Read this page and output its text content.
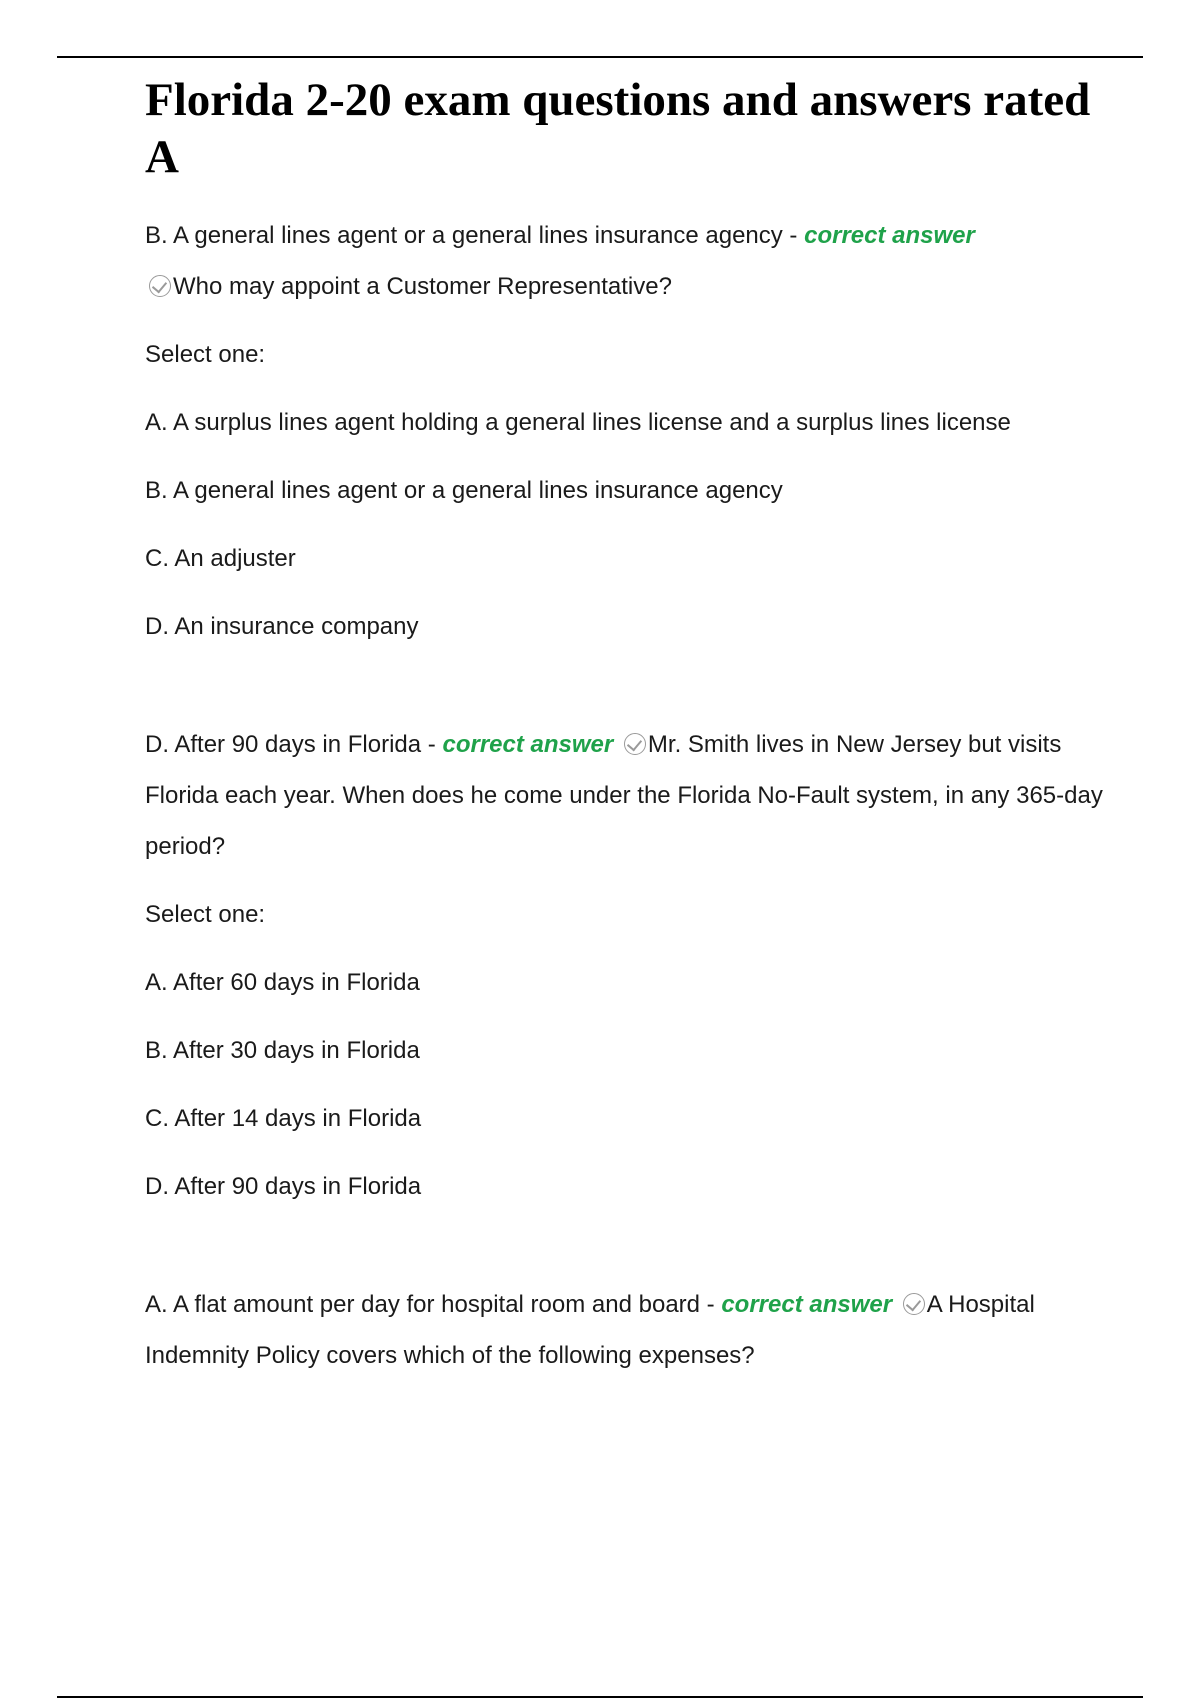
Florida 2-20 exam questions and answers rated A
B. A general lines agent or a general lines insurance agency - correct answer
Who may appoint a Customer Representative?
Select one:
A. A surplus lines agent holding a general lines license and a surplus lines license
B. A general lines agent or a general lines insurance agency
C. An adjuster
D. An insurance company
D. After 90 days in Florida - correct answer Mr. Smith lives in New Jersey but visits Florida each year. When does he come under the Florida No-Fault system, in any 365-day period?
Select one:
A. After 60 days in Florida
B. After 30 days in Florida
C. After 14 days in Florida
D. After 90 days in Florida
A. A flat amount per day for hospital room and board - correct answer A Hospital Indemnity Policy covers which of the following expenses?
